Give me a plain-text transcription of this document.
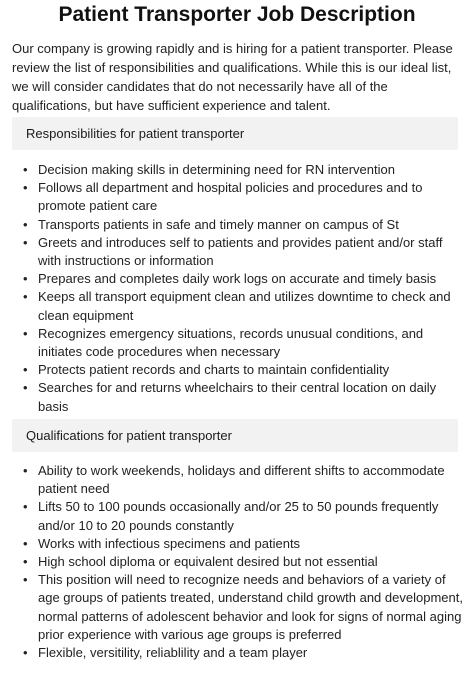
Patient Transporter Job Description
Our company is growing rapidly and is hiring for a patient transporter. Please review the list of responsibilities and qualifications. While this is our ideal list, we will consider candidates that do not necessarily have all of the qualifications, but have sufficient experience and talent.
Responsibilities for patient transporter
• Decision making skills in determining need for RN intervention
• Follows all department and hospital policies and procedures and to promote patient care
• Transports patients in safe and timely manner on campus of St
• Greets and introduces self to patients and provides patient and/or staff with instructions or information
• Prepares and completes daily work logs on accurate and timely basis
• Keeps all transport equipment clean and utilizes downtime to check and clean equipment
• Recognizes emergency situations, records unusual conditions, and initiates code procedures when necessary
• Protects patient records and charts to maintain confidentiality
• Searches for and returns wheelchairs to their central location on daily basis
Qualifications for patient transporter
• Ability to work weekends, holidays and different shifts to accommodate patient need
• Lifts 50 to 100 pounds occasionally and/or 25 to 50 pounds frequently and/or 10 to 20 pounds constantly
• Works with infectious specimens and patients
• High school diploma or equivalent desired but not essential
• This position will need to recognize needs and behaviors of a variety of age groups of patients treated, understand child growth and development, normal patterns of adolescent behavior and look for signs of normal aging prior experience with various age groups is preferred
• Flexible, versitility, reliablility and a team player
